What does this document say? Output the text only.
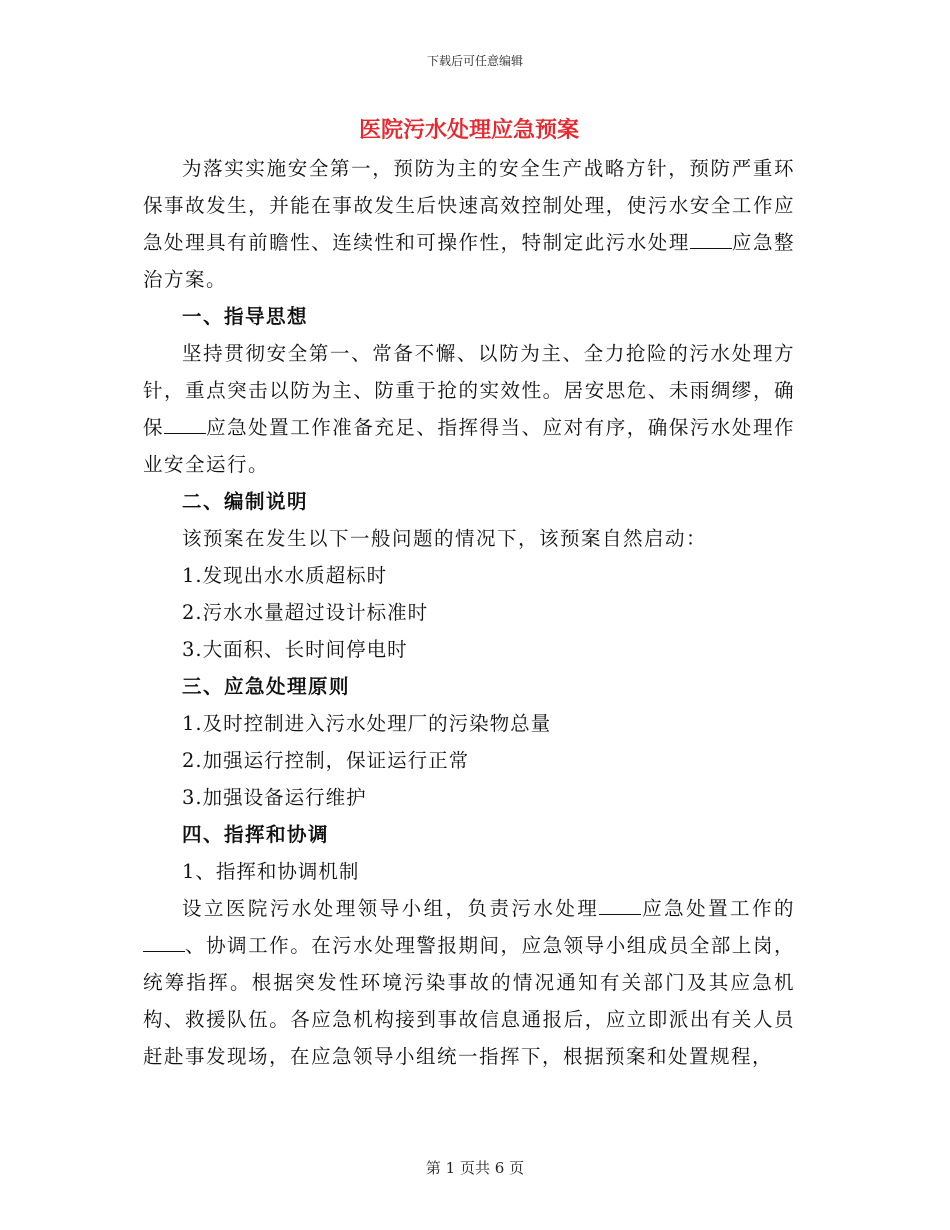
下载后可任意编辑
医院污水处理应急预案

为落实实施安全第一，预防为主的安全生产战略方针，预防严重环保事故发生，并能在事故发生后快速高效控制处理，使污水安全工作应急处理具有前瞻性、连续性和可操作性，特制定此污水处理 应急整治方案。

一、指导思想

坚持贯彻安全第一、常备不懈、以防为主、全力抢险的污水处理方针，重点突击以防为主、防重于抢的实效性。居安思危、未雨绸缪，确保 应急处置工作准备充足、指挥得当、应对有序，确保污水处理作业安全运行。

二、编制说明

该预案在发生以下一般问题的情况下，该预案自然启动：

1.发现出水水质超标时

2.污水水量超过设计标准时

3.大面积、长时间停电时

三、应急处理原则

1.及时控制进入污水处理厂的污染物总量

2.加强运行控制，保证运行正常

3.加强设备运行维护

四、指挥和协调

1、指挥和协调机制

设立医院污水处理领导小组，负责污水处理 应急处置工作的、协调工作。在污水处理警报期间，应急领导小组成员全部上岗，统筹指挥。根据突发性环境污染事故的情况通知有关部门及其应急机构、救援队伍。各应急机构接到事故信息通报后，应立即派出有关人员赶赴事发现场，在应急领导小组统一指挥下，根据预案和处置规程，

第 1 页共 6 页
